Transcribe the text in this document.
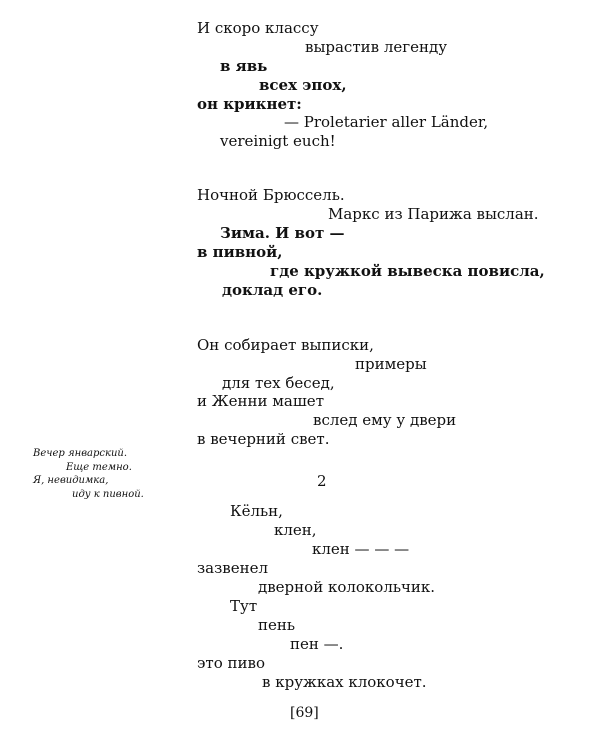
И скоро классу
вырастив легенду
в явь
всех эпох,
он крикнет:
— Proletarier aller Länder,
vereinigt euch!
Ночной Брюссель.
Маркс из Парижа выслан.
Зима. И вот —
в пивной,
где кружкой вывеска повисла,
доклад его.
Он собирает выписки,
примеры
для тех бесед,
и Женни машет
вслед ему у двери
в вечерний свет.
Вечер январский.
Еще темно.
Я, невидимка,
иду к пивной.
2
Кёльн,
клен,
клен — — —
зазвенел
дверной колокольчик.
Тут
пень
пен —.
это пиво
в кружках клокочет.
[69]
